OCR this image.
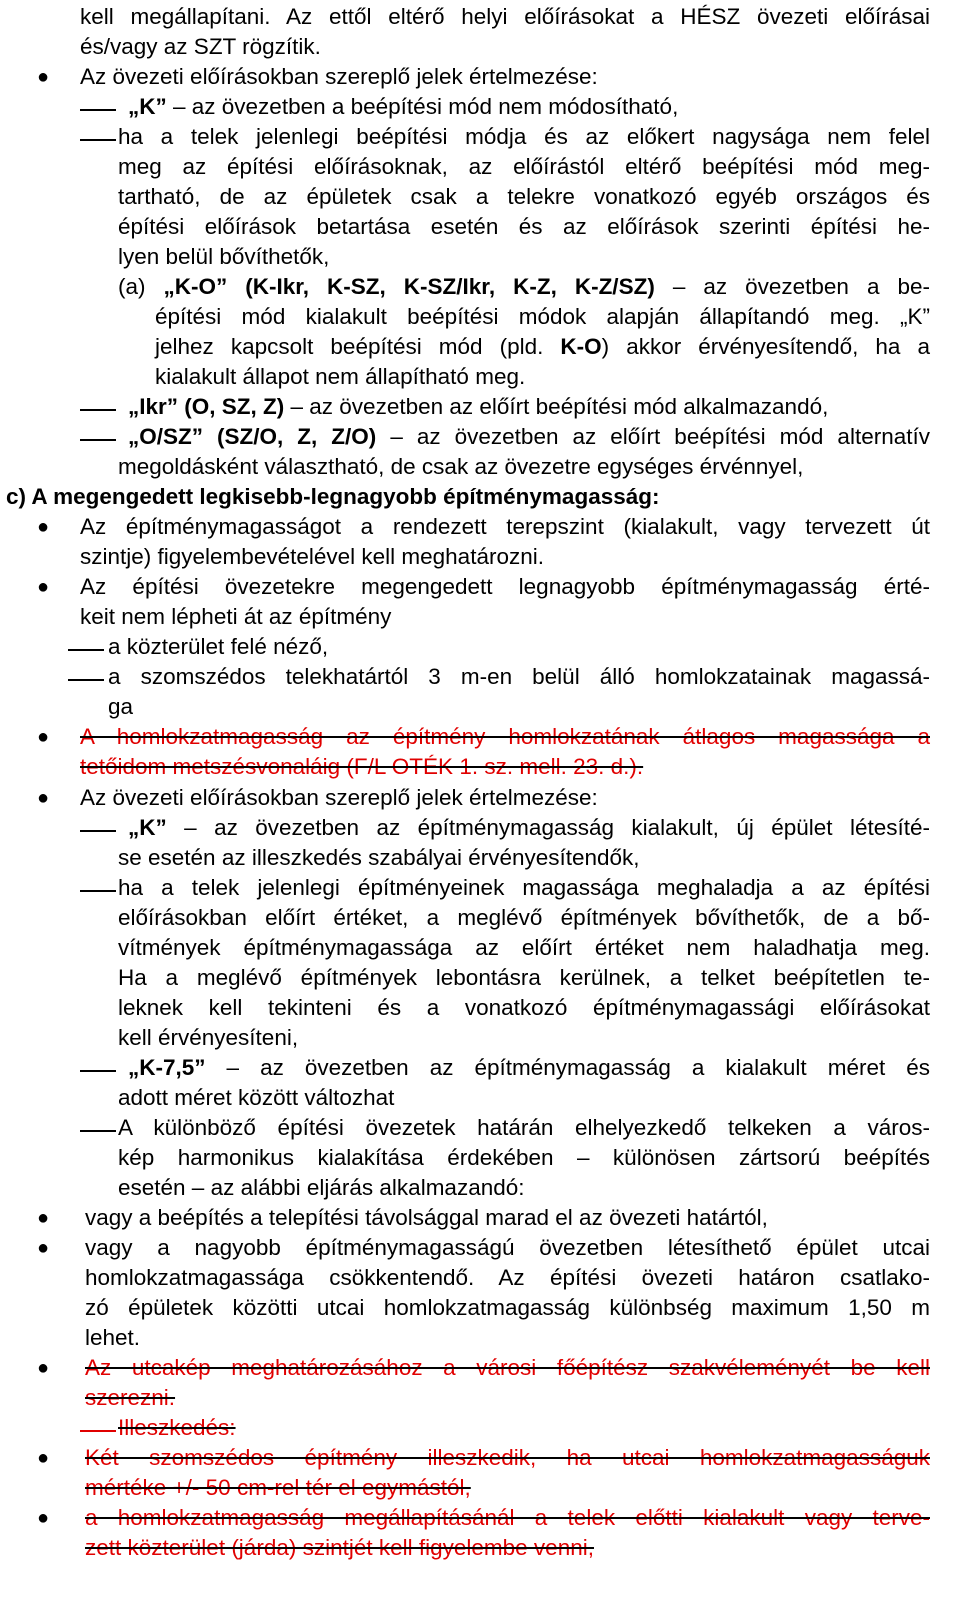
kell megállapítani. Az ettől eltérő helyi előírásokat a HÉSZ övezeti előírásai

és/vagy az SZT rögzítik.

● Az övezeti előírásokban szereplő jelek értelmezése:

„K” – az övezetben a beépítési mód nem módosítható,

ha a telek jelenlegi beépítési módja és az előkert nagysága nem felel

meg az építési előírásoknak, az előírástól eltérő beépítési mód meg-

tartható, de az épületek csak a telekre vonatkozó egyéb országos és

építési előírások betartása esetén és az előírások szerinti építési he-

lyen belül bővíthetők,

(a) „K-O” (K-Ikr, K-SZ, K-SZ/Ikr, K-Z, K-Z/SZ) – az övezetben a be-

építési mód kialakult beépítési módok alapján állapítandó meg. „K”

jelhez kapcsolt beépítési mód (pld. K-O) akkor érvényesítendő, ha a

kialakult állapot nem állapítható meg.

„Ikr” (O, SZ, Z) – az övezetben az előírt beépítési mód alkalmazandó,

„O/SZ” (SZ/O, Z, Z/O) – az övezetben az előírt beépítési mód alternatív

megoldásként választható, de csak az övezetre egységes érvénnyel,

c) A megengedett legkisebb-legnagyobb építménymagasság:

● Az építménymagasságot a rendezett terepszint (kialakult, vagy tervezett út

szintje) figyelembevételével kell meghatározni.

● Az építési övezetekre megengedett legnagyobb építménymagasság érté-

keit nem lépheti át az építmény

a közterület felé néző,

a szomszédos telekhatártól 3 m-en belül álló homlokzatainak magassá-

ga

● A homlokzatmagasság az építmény homlokzatának átlagos magassága a

tetőidom metszésvonaláig (F/L OTÉK 1. sz. mell. 23. d.).

● Az övezeti előírásokban szereplő jelek értelmezése:

„K” – az övezetben az építménymagasság kialakult, új épület létesíté-

se esetén az illeszkedés szabályai érvényesítendők,

ha a telek jelenlegi építményeinek magassága meghaladja a az építési

előírásokban előírt értéket, a meglévő építmények bővíthetők, de a bő-

vítmények építménymagassága az előírt értéket nem haladhatja meg.

Ha a meglévő építmények lebontásra kerülnek, a telket beépítetlen te-

leknek kell tekinteni és a vonatkozó építménymagassági előírásokat

kell érvényesíteni,

„K-7,5” – az övezetben az építménymagasság a kialakult méret és

adott méret között változhat

A különböző építési övezetek határán elhelyezkedő telkeken a város-

kép harmonikus kialakítása érdekében – különösen zártsorú beépítés

esetén – az alábbi eljárás alkalmazandó:

● vagy a beépítés a telepítési távolsággal marad el az övezeti határtól,

● vagy a nagyobb építménymagasságú övezetben létesíthető épület utcai

homlokzatmagassága csökkentendő. Az építési övezeti határon csatlako-

zó épületek közötti utcai homlokzatmagasság különbség maximum 1,50 m

lehet.

● Az utcakép meghatározásához a városi főépítész szakvéleményét be kell

szerezni.

Illeszkedés:

● Két szomszédos építmény illeszkedik, ha utcai homlokzatmagasságuk

mértéke +/- 50 cm-rel tér el egymástól,

● a homlokzatmagasság megállapításánál a telek előtti kialakult vagy terve-

zett közterület (járda) szintjét kell figyelembe venni,
